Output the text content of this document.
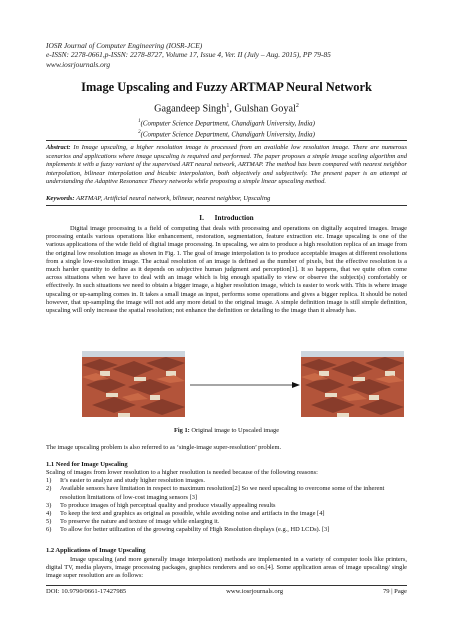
IOSR Journal of Computer Engineering (IOSR-JCE)
e-ISSN: 2278-0661,p-ISSN: 2278-8727, Volume 17, Issue 4, Ver. II (July – Aug. 2015), PP 79-85
www.iosrjournals.org
Image Upscaling and Fuzzy ARTMAP Neural Network
Gagandeep Singh$^1$, Gulshan Goyal$^2$
$^1$(Computer Science Department, Chandigarh University, India)
$^2$(Computer Science Department, Chandigarh University, India)
Abstract: In Image upscaling, a higher resolution image is processed from an available low resolution image. There are numerous scenarios and applications where image upscaling is required and performed. The paper proposes a simple image scaling algorithm and implements it with a fuzzy variant of the supervised ART neural network, ARTMAP. The method has been compared with nearest neighbor interpolation, bilinear interpolation and bicubic interpolation, both objectively and subjectively. The present paper is an attempt at understanding the Adaptive Resonance Theory networks while proposing a simple linear upscaling method.
Keywords: ARTMAP, Artificial neural network, bilinear, nearest neighbor, Upscaling
I.      Introduction

Digital image processing is a field of computing that deals with processing and operations on digitally acquired images. Image processing entails various operations like enhancement, restoration, segmentation, feature extraction etc. Image upscaling is one of the various applications of the wide field of digital image processing. In upscaling, we aim to produce a high resolution replica of an image from the original low resolution image as shown in Fig. 1. The goal of image interpolation is to produce acceptable images at different resolutions from a single low-resolution image. The actual resolution of an image is defined as the number of pixels, but the effective resolution is a much harder quantity to define as it depends on subjective human judgment and perception[1]. It so happens, that we quite often come across situations when we have to deal with an image which is big enough spatially to view or observe the subject(s) comfortably or effectively. In such situations we need to obtain a bigger image, a higher resolution image, which is easier to work with. This is where image upscaling or up-sampling comes in. It takes a small image as input, performs some operations and gives a bigger replica. It should be noted however, that up-sampling the image will not add any more detail to the original image. A simple definition image is still simple definition, upscaling will only increase the spatial resolution; not enhance the definition or detailing to the image than it already has.

Fig 1: Original image to Upscaled image

The image upscaling problem is also referred to as ‘single-image super-resolution’ problem.

1.1 Need for Image Upscaling
Scaling of images from lower resolution to a higher resolution is needed because of the following reasons:
1)	It’s easier to analyze and study higher resolution images.
2)	Available sensors have limitation in respect to maximum resolution[2] So we need upscaling to overcome some of the inherent resolution limitations of low-cost imaging sensors [3]
3)	To produce images of high perceptual quality and produce visually appealing results
4)	To keep the text and graphics as original as possible, while avoiding noise and artifacts in the image [4]
5)	To preserve the nature and texture of image while enlarging it.
6)	To allow for better utilization of the growing capability of High Resolution displays (e.g., HD LCDs). [3]
1.2 Applications of Image Upscaling

Image upscaling (and more generally image interpolation) methods are implemented in a variety of computer tools like printers, digital TV, media players, image processing packages, graphics renderers and so on.[4]. Some application areas of image upscaling/ single image super resolution are as follows:

DOI: 10.9790/0661-17427985	www.iosrjournals.org	79 | Page
